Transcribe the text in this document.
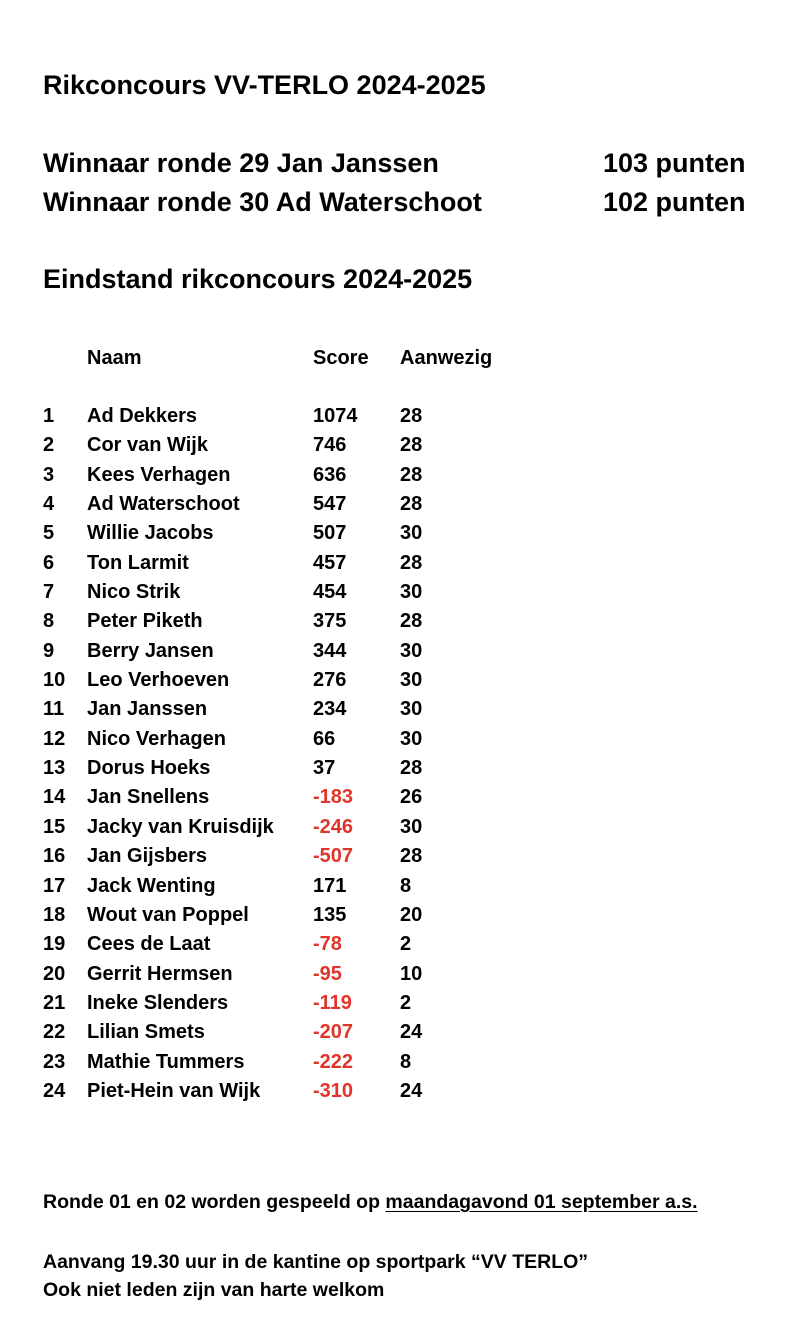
Rikconcours VV-TERLO 2024-2025
Winnaar ronde 29 Jan Janssen	103 punten
Winnaar ronde 30 Ad Waterschoot	102 punten
Eindstand rikconcours 2024-2025
Naam	Score Aanwezig
1 Ad Dekkers	1074 28
2 Cor van Wijk	746	28
3 Kees Verhagen	636	28
4 Ad Waterschoot	547	28
5 Willie Jacobs	507	30
6 Ton Larmit	457	28
7 Nico Strik	454	30
8 Peter Piketh	375	28
9 Berry Jansen	344	30
10 Leo Verhoeven	276	30
11 Jan Janssen	234	30
12 Nico Verhagen	66	30
13 Dorus Hoeks	37	28
14 Jan Snellens	-183 26
15 Jacky van Kruisdijk -246 30
16 Jan Gijsbers	-507 28
17 Jack Wenting	171	8
18 Wout van Poppel	135	20
19 Cees de Laat	-78	2
20 Gerrit Hermsen	-95	10
21 Ineke Slenders	-119 2
22 Lilian Smets	-207 24
23 Mathie Tummers	-222 8
24 Piet-Hein van Wijk	-310 24
Ronde 01 en 02 worden gespeeld op maandagavond 01 september a.s.
Aanvang 19.30 uur in de kantine op sportpark “VV TERLO”
Ook niet leden zijn van harte welkom
